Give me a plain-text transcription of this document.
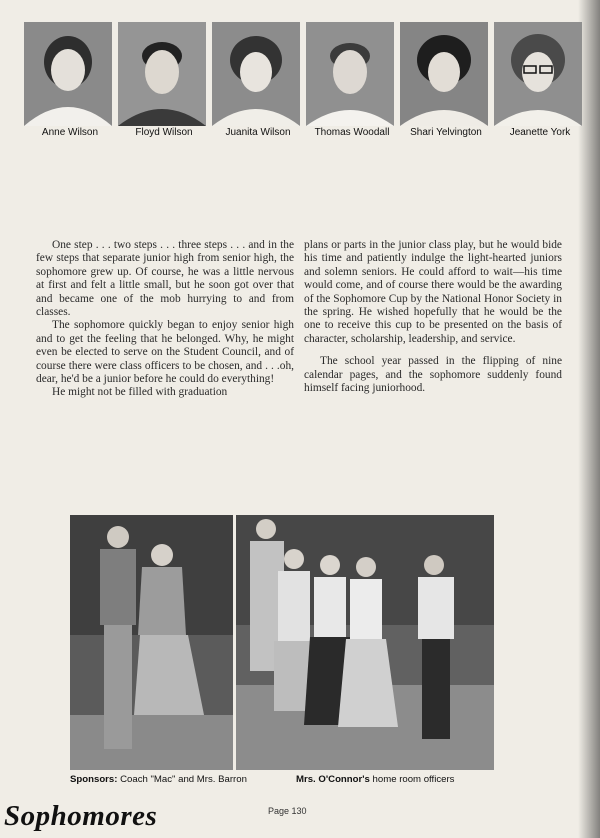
Anne Wilson	Floyd Wilson	Juanita Wilson	Thomas Woodall	Shari Yelvington	Jeanette York

One step . . . two steps . . . three steps . . . and in the few steps that separate junior high from senior high, the sophomore grew up. Of course, he was a little nervous at first and felt a little small, but he soon got over that and became one of the mob hurrying to and from classes.

The sophomore quickly began to enjoy senior high and to get the feeling that he belonged. Why, he might even be elected to serve on the Student Council, and of course there were class officers to be chosen, and . . .oh, dear, he'd be a junior before he could do everything!

He might not be filled with graduation

plans or parts in the junior class play, but he would bide his time and patiently indulge the light-hearted juniors and solemn seniors. He could afford to wait—his time would come, and of course there would be the awarding of the Sophomore Cup by the National Honor Society in the spring. He wished hopefully that he would be the one to receive this cup to be presented on the basis of character, scholarship, leadership, and service.

The school year passed in the flipping of nine calendar pages, and the sophomore suddenly found himself facing juniorhood.

Sponsors: Coach "Mac" and Mrs. Barron	Mrs. O'Connor's home room officers
Sophomores	Page 130
